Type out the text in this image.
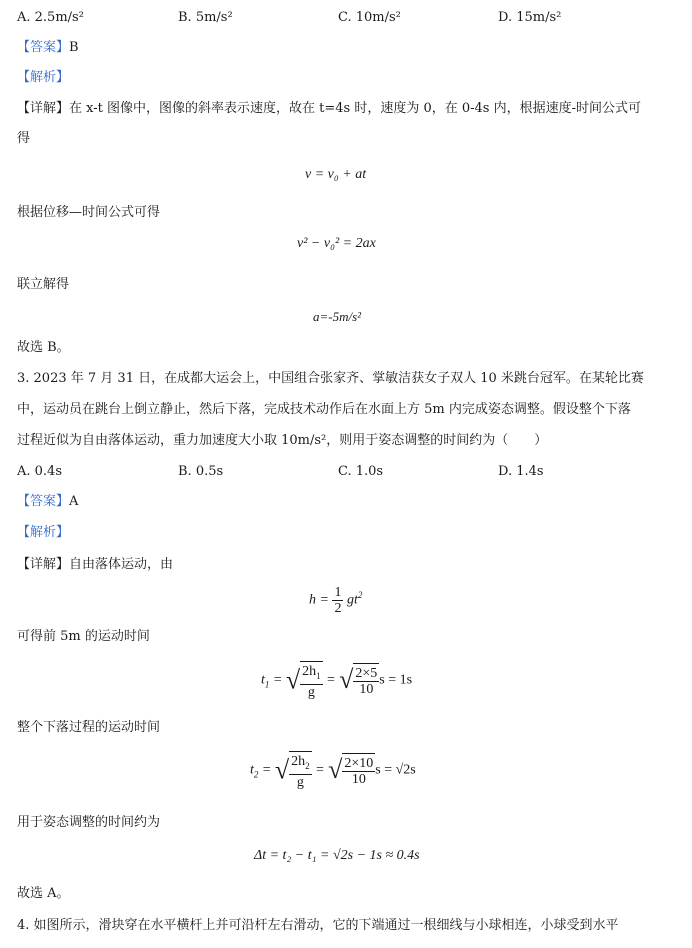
A. 2.5m/s²	B. 5m/s²	C. 10m/s²	D. 15m/s²
【答案】B
【解析】
【详解】在 x-t 图像中，图像的斜率表示速度，故在 t=4s 时，速度为 0，在 0-4s 内，根据速度-时间公式可
得
v = v₀ + at
根据位移—时间公式可得
v² − v₀² = 2ax
联立解得
a=-5m/s²
故选 B。
3. 2023 年 7 月 31 日，在成都大运会上，中国组合张家齐、掌敏洁获女子双人 10 米跳台冠军。在某轮比赛
中，运动员在跳台上倒立静止，然后下落，完成技术动作后在水面上方 5m 内完成姿态调整。假设整个下落
过程近似为自由落体运动，重力加速度大小取 10m/s²，则用于姿态调整的时间约为（　　）
A. 0.4s	B. 0.5s	C. 1.0s	D. 1.4s
【答案】A
【解析】
【详解】自由落体运动，由
$h = \frac{1}{2} gt^2$
可得前 5m 的运动时间
$t_1$ = √ $\frac{2h_1}{g}$ = √ $\frac{2\times 5}{10}$ s = 1s
整个下落过程的运动时间
$t_2$ = √ $\frac{2h_2}{g}$ = √ $\frac{2\times 10}{10}$ s = √2s
用于姿态调整的时间约为
Δt = t₂ − t₁ = √2s − 1s ≈ 0.4s
故选 A。
4. 如图所示，滑块穿在水平横杆上并可沿杆左右滑动，它的下端通过一根细线与小球相连，小球受到水平
